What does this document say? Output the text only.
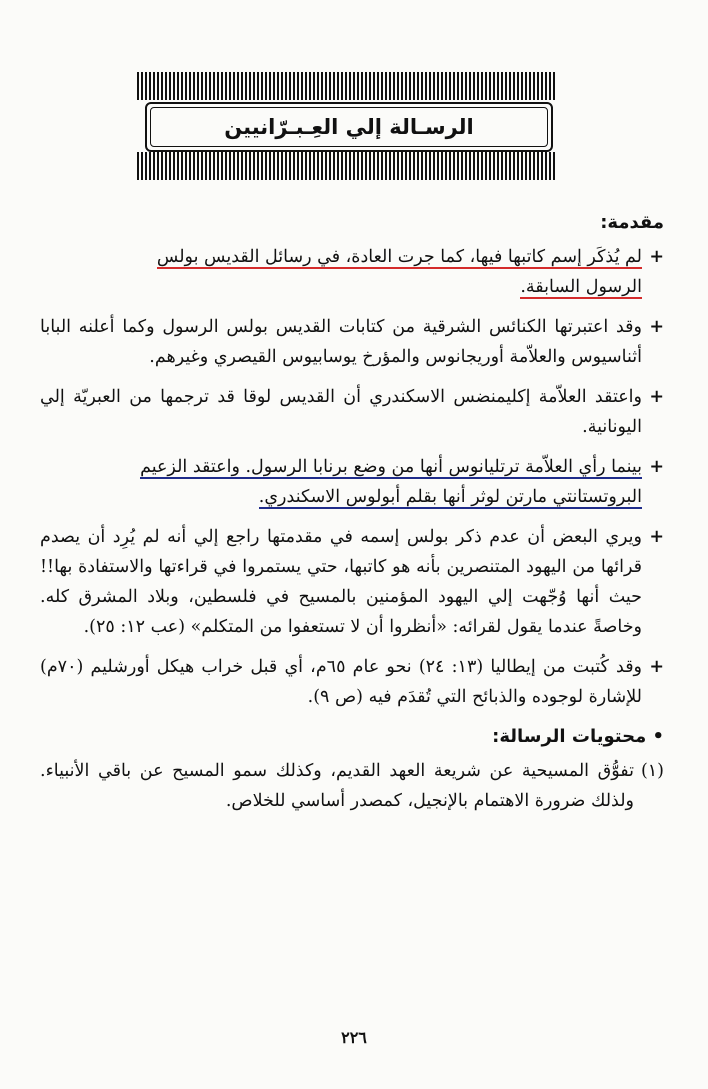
الرسـالة إلي العِـبـرّانيين
مقدمة:
+
لم يُذكَر إسم كاتبها فيها، كما جرت العادة، في رسائل القديس بولس
الرسول السابقة.
+
وقد اعتبرتها الكنائس الشرقية من كتابات القديس بولس الرسول وكما أعلنه البابا أثناسيوس والعلاّمة أوريجانوس والمؤرخ يوسابيوس القيصري وغيرهم.
+
واعتقد العلاّمة إكليمنضس الاسكندري أن القديس لوقا قد ترجمها من العبريّة إلي اليونانية.
+
بينما رأي العلاّمة ترتليانوس أنها من وضع برنابا الرسول. واعتقد الزعيم
البروتستانتي مارتن لوثر أنها بقلم أبولوس الاسكندري.
+
ويري البعض أن عدم ذكر بولس إسمه في مقدمتها راجع إلي أنه لم يُرِد أن يصدم قرائها من اليهود المتنصرين بأنه هو كاتبها، حتي يستمروا في قراءتها والاستفادة بها!! حيث أنها وُجّهت إلي اليهود المؤمنين بالمسيح في فلسطين، وبلاد المشرق كله. وخاصةً عندما يقول لقرائه: «أنظروا أن لا تستعفوا من المتكلم» (عب ١٢: ٢٥).
+
وقد كُتبت من إيطاليا (١٣: ٢٤) نحو عام ٦٥م، أي قبل خراب هيكل أورشليم (٧٠م) للإشارة لوجوده والذبائح التي تُقدَم فيه (ص ٩).
• محتويات الرسالة:
(١)
تفوُّق المسيحية عن شريعة العهد القديم، وكذلك سمو المسيح عن باقي الأنبياء. ولذلك ضرورة الاهتمام بالإنجيل، كمصدر أساسي للخلاص.
٢٢٦
